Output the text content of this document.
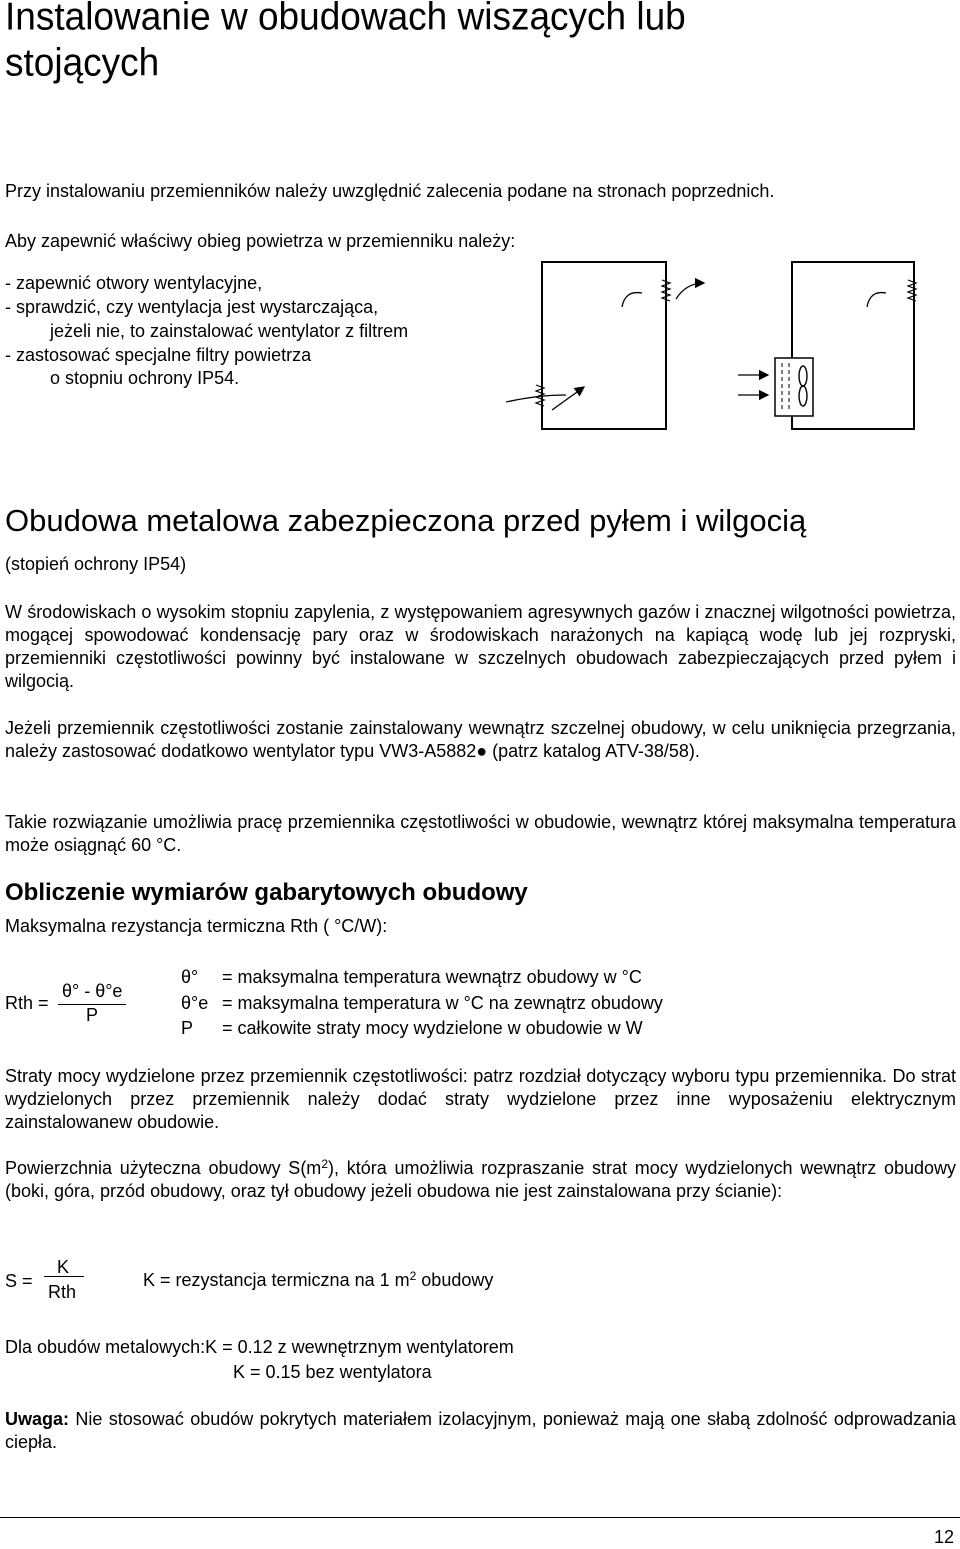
Instalowanie w obudowach wiszących lub
stojących
Przy instalowaniu przemienników należy uwzględnić zalecenia podane na stronach poprzednich.
Aby zapewnić właściwy obieg powietrza w przemienniku należy:
- zapewnić otwory wentylacyjne,
- sprawdzić, czy wentylacja jest wystarczająca,
jeżeli nie, to zainstalować wentylator z filtrem
- zastosować specjalne filtry powietrza
o stopniu ochrony IP54.
Obudowa metalowa zabezpieczona przed pyłem i wilgocią
(stopień ochrony IP54)
W środowiskach o wysokim stopniu zapylenia, z występowaniem agresywnych gazów i znacznej wilgotności powietrza, mogącej spowodować kondensację pary oraz w środowiskach narażonych na kapiącą wodę lub jej rozpryski, przemienniki częstotliwości powinny być instalowane w szczelnych obudowach zabezpieczających przed pyłem i wilgocią.
Jeżeli przemiennik częstotliwości zostanie zainstalowany wewnątrz szczelnej obudowy, w celu uniknięcia przegrzania, należy zastosować dodatkowo wentylator typu VW3-A5882● (patrz katalog ATV-38/58).
Takie rozwiązanie umożliwia pracę przemiennika częstotliwości w obudowie, wewnątrz której maksymalna temperatura może osiągnąć 60 °C.
Obliczenie wymiarów gabarytowych obudowy
Maksymalna rezystancja termiczna Rth ( °C/W):
Rth =
θ° - θ°e
P
θ° = maksymalna temperatura wewnątrz obudowy w °C
θ°e = maksymalna temperatura w °C na zewnątrz obudowy
P = całkowite straty mocy wydzielone w obudowie w W
Straty mocy wydzielone przez przemiennik częstotliwości: patrz rozdział dotyczący wyboru typu przemiennika. Do strat wydzielonych przez przemiennik należy dodać straty wydzielone przez inne wyposażeniu elektrycznym zainstalowanew obudowie.
Powierzchnia użyteczna obudowy $S(m^2)$, która umożliwia rozpraszanie strat mocy wydzielonych wewnątrz obudowy (boki, góra, przód obudowy, oraz tył obudowy jeżeli obudowa nie jest zainstalowana przy ścianie):
S =
K
Rth
K = rezystancja termiczna na 1 $m^2$ obudowy
Dla obudów metalowych:K = 0.12 z wewnętrznym wentylatorem
K = 0.15 bez wentylatora
Uwaga: Nie stosować obudów pokrytych materiałem izolacyjnym, ponieważ mają one słabą zdolność odprowadzania ciepła.
12
